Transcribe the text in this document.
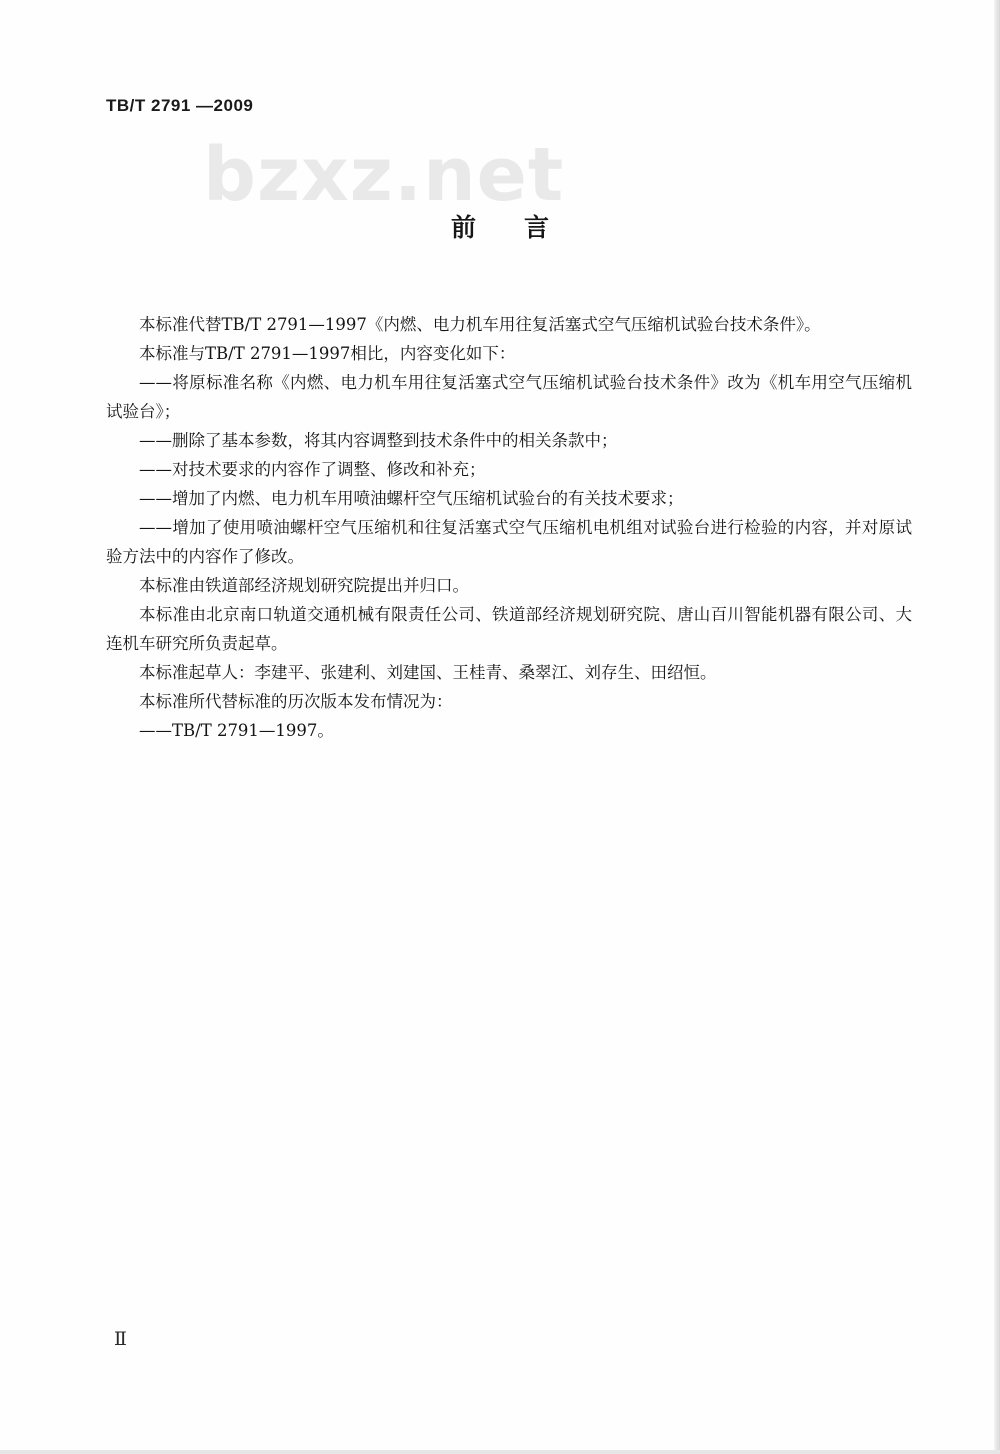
bzxz.net
TB/T 2791 —2009
前言

本标准代替TB/T 2791—1997《内燃、电力机车用往复活塞式空气压缩机试验台技术条件》。

本标准与TB/T 2791—1997相比，内容变化如下：

——将原标准名称《内燃、电力机车用往复活塞式空气压缩机试验台技术条件》改为《机车用空气压缩机试验台》；

——删除了基本参数，将其内容调整到技术条件中的相关条款中；

——对技术要求的内容作了调整、修改和补充；

——增加了内燃、电力机车用喷油螺杆空气压缩机试验台的有关技术要求；

——增加了使用喷油螺杆空气压缩机和往复活塞式空气压缩机电机组对试验台进行检验的内容，并对原试验方法中的内容作了修改。

本标准由铁道部经济规划研究院提出并归口。

本标准由北京南口轨道交通机械有限责任公司、铁道部经济规划研究院、唐山百川智能机器有限公司、大连机车研究所负责起草。

本标准起草人：李建平、张建利、刘建国、王桂青、桑翠江、刘存生、田绍恒。

本标准所代替标准的历次版本发布情况为：

——TB/T 2791—1997。

Ⅱ
